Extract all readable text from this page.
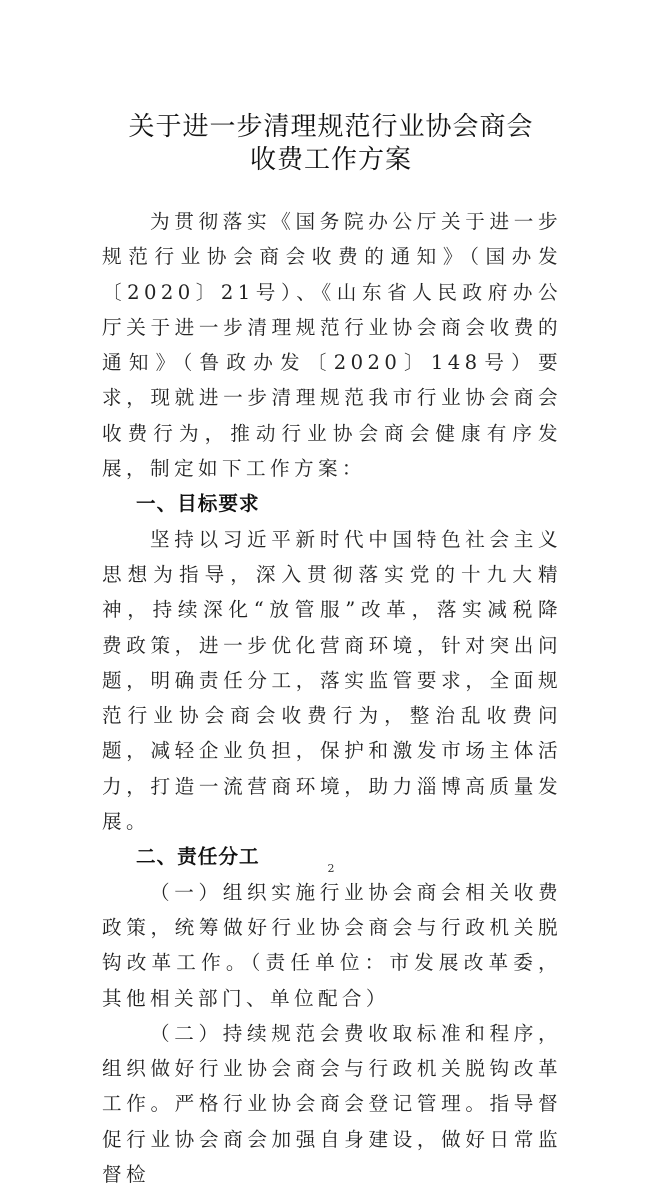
关于进一步清理规范行业协会商会
收费工作方案

为贯彻落实《国务院办公厅关于进一步规范行业协会商会收费的通知》（国办发〔2020〕21号）、《山东省人民政府办公厅关于进一步清理规范行业协会商会收费的通知》（鲁政办发〔2020〕148号）要求，现就进一步清理规范我市行业协会商会收费行为，推动行业协会商会健康有序发展，制定如下工作方案：

一、目标要求

坚持以习近平新时代中国特色社会主义思想为指导，深入贯彻落实党的十九大精神，持续深化“放管服”改革，落实减税降费政策，进一步优化营商环境，针对突出问题，明确责任分工，落实监管要求，全面规范行业协会商会收费行为，整治乱收费问题，减轻企业负担，保护和激发市场主体活力，打造一流营商环境，助力淄博高质量发展。

二、责任分工

（一）组织实施行业协会商会相关收费政策，统筹做好行业协会商会与行政机关脱钩改革工作。（责任单位：市发展改革委，其他相关部门、单位配合）

（二）持续规范会费收取标准和程序，组织做好行业协会商会与行政机关脱钩改革工作。严格行业协会商会登记管理。指导督促行业协会商会加强自身建设，做好日常监督检

2
